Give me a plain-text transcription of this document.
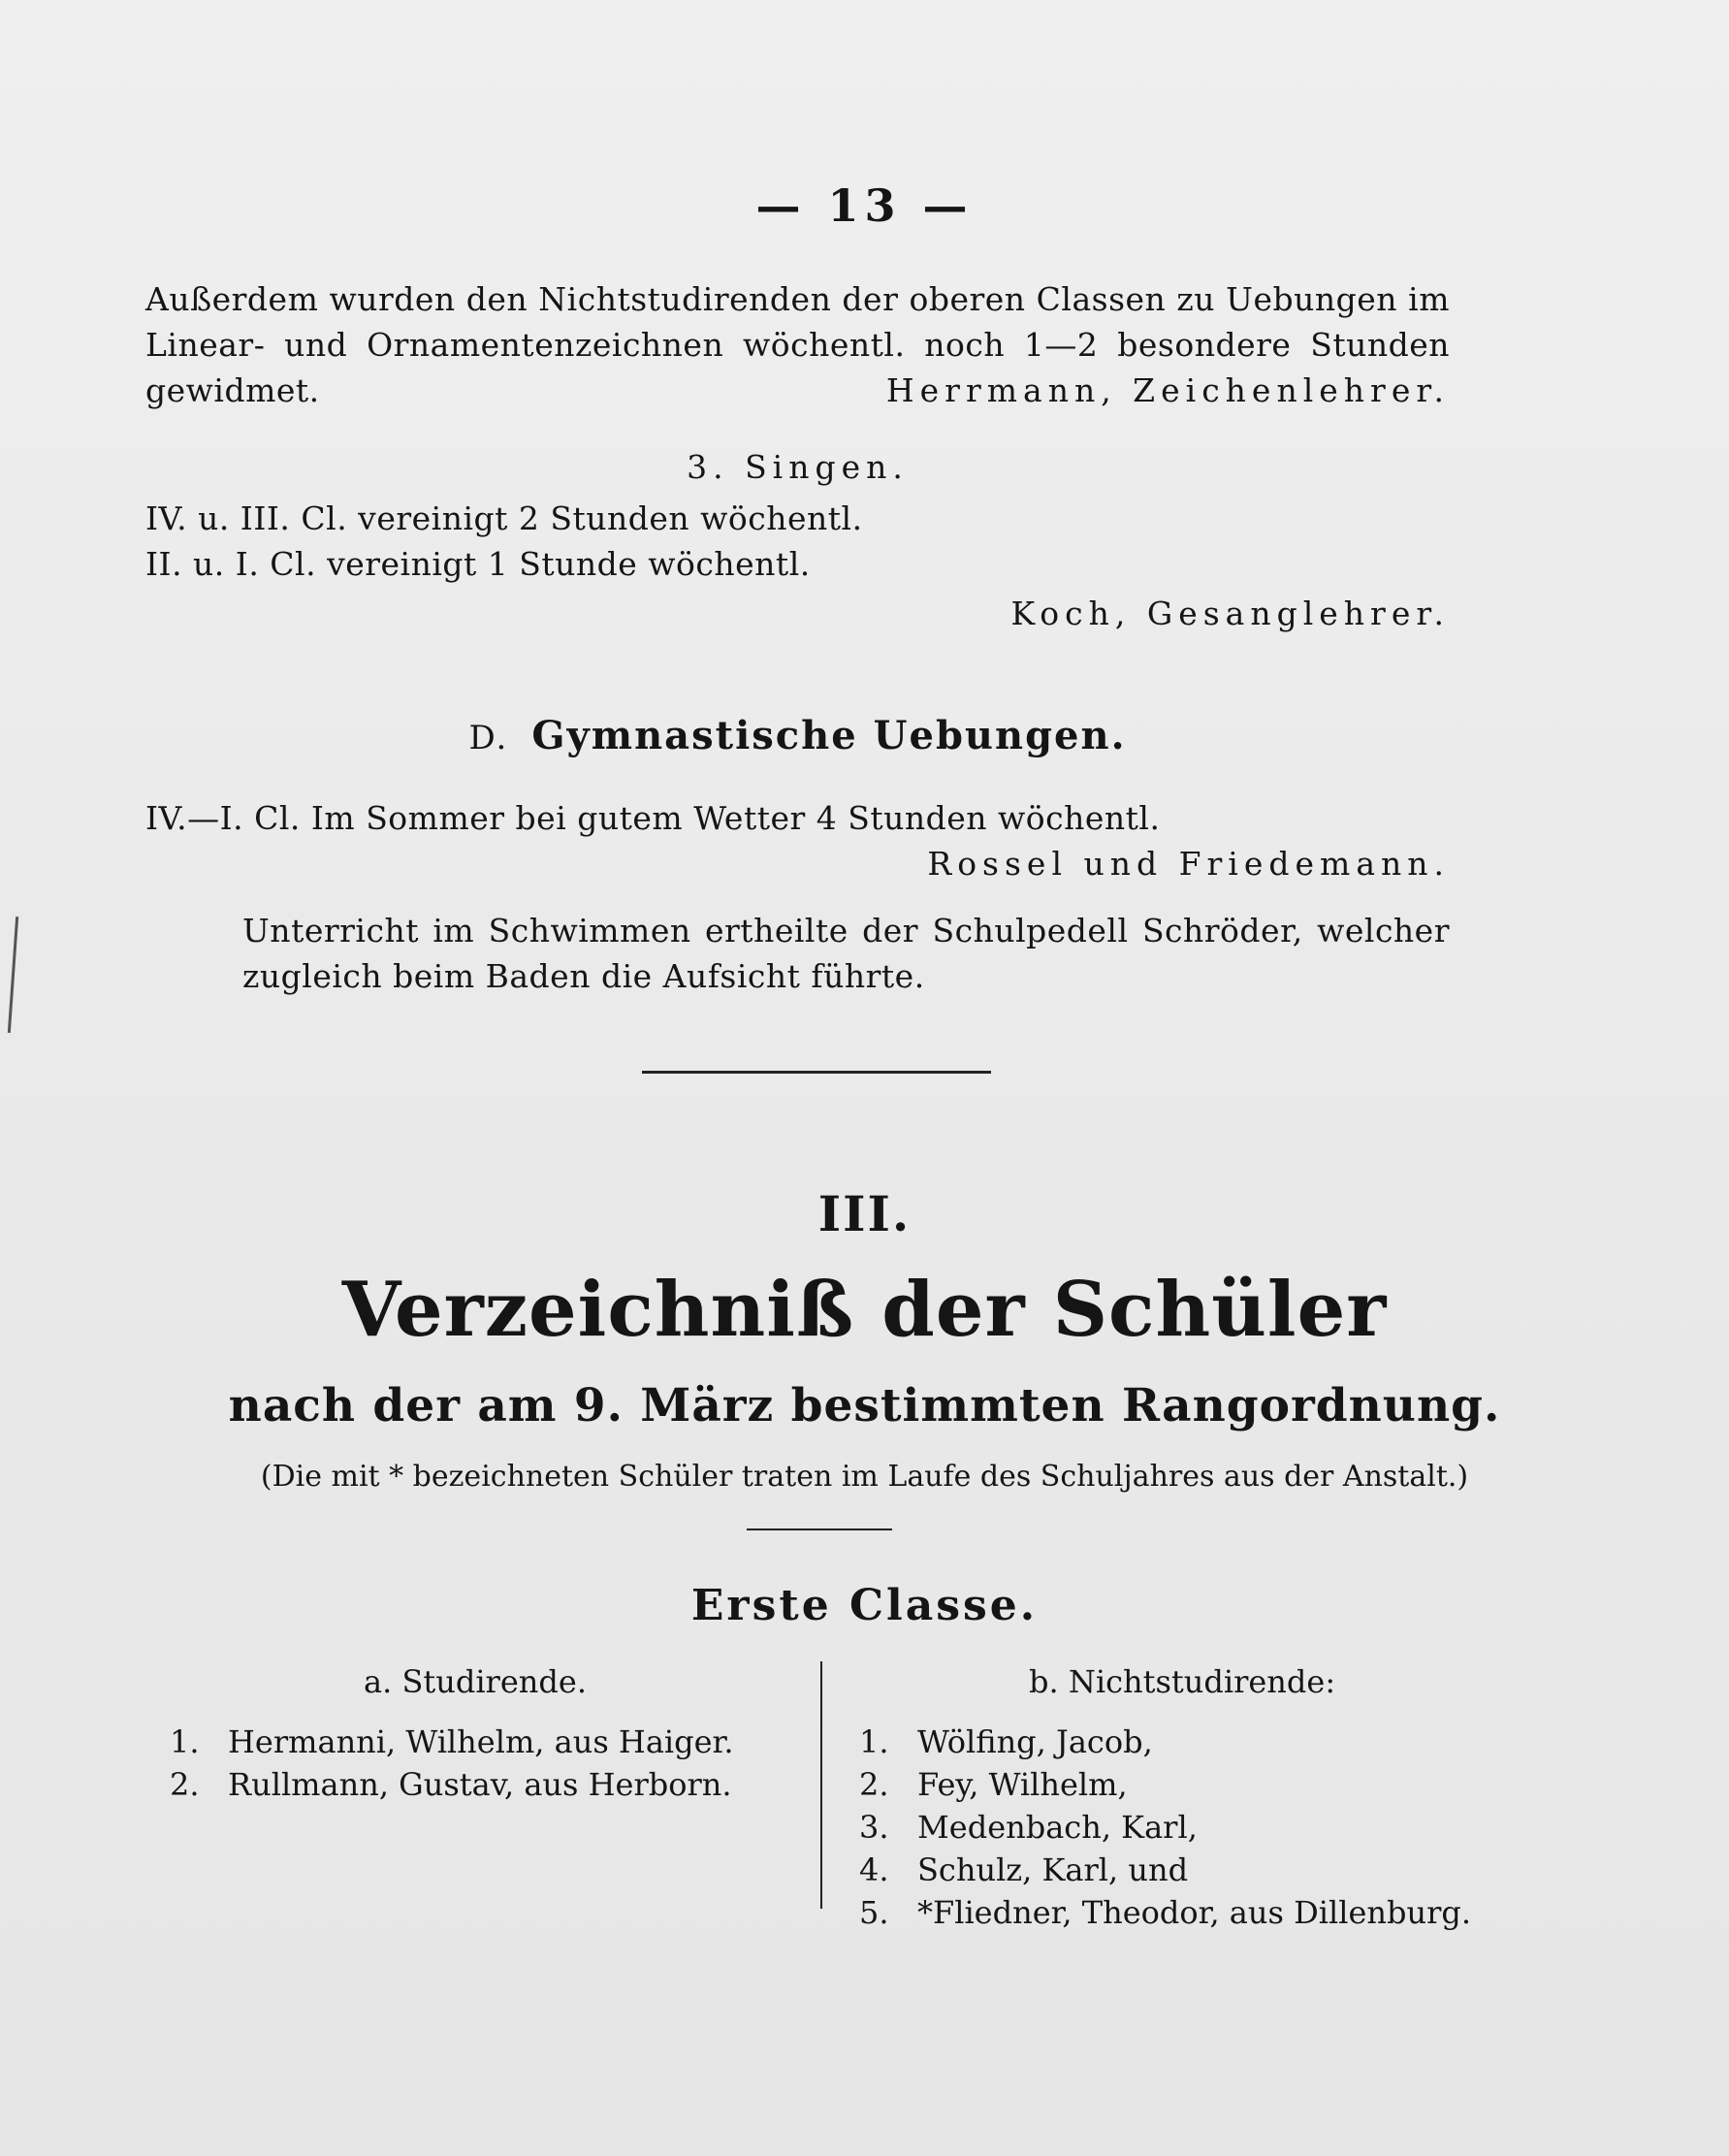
— 13 —
Außerdem wurden den Nichtstudirenden der oberen Classen zu Uebungen im Linear- und Ornamentenzeichnen wöchentl. noch 1—2 besondere Stunden gewidmet.	Herrmann, Zeichenlehrer.
3. Singen.
IV. u. III. Cl. vereinigt 2 Stunden wöchentl.
II. u. I. Cl. vereinigt 1 Stunde wöchentl.
Koch, Gesanglehrer.
D. Gymnastische Uebungen.
IV.—I. Cl. Im Sommer bei gutem Wetter 4 Stunden wöchentl.
Rossel und Friedemann.
Unterricht im Schwimmen ertheilte der Schulpedell Schröder, welcher zugleich beim Baden die Aufsicht führte.
III.
Verzeichniß der Schüler
nach der am 9. März bestimmten Rangordnung.
(Die mit * bezeichneten Schüler traten im Laufe des Schuljahres aus der Anstalt.)
Erste Classe.
a. Studirende.
1. Hermanni, Wilhelm, aus Haiger.
2. Rullmann, Gustav, aus Herborn.
b. Nichtstudirende:
1. Wölfing, Jacob,
2. Fey, Wilhelm,
3. Medenbach, Karl,
4. Schulz, Karl, und
5. *Fliedner, Theodor, aus Dillenburg.
